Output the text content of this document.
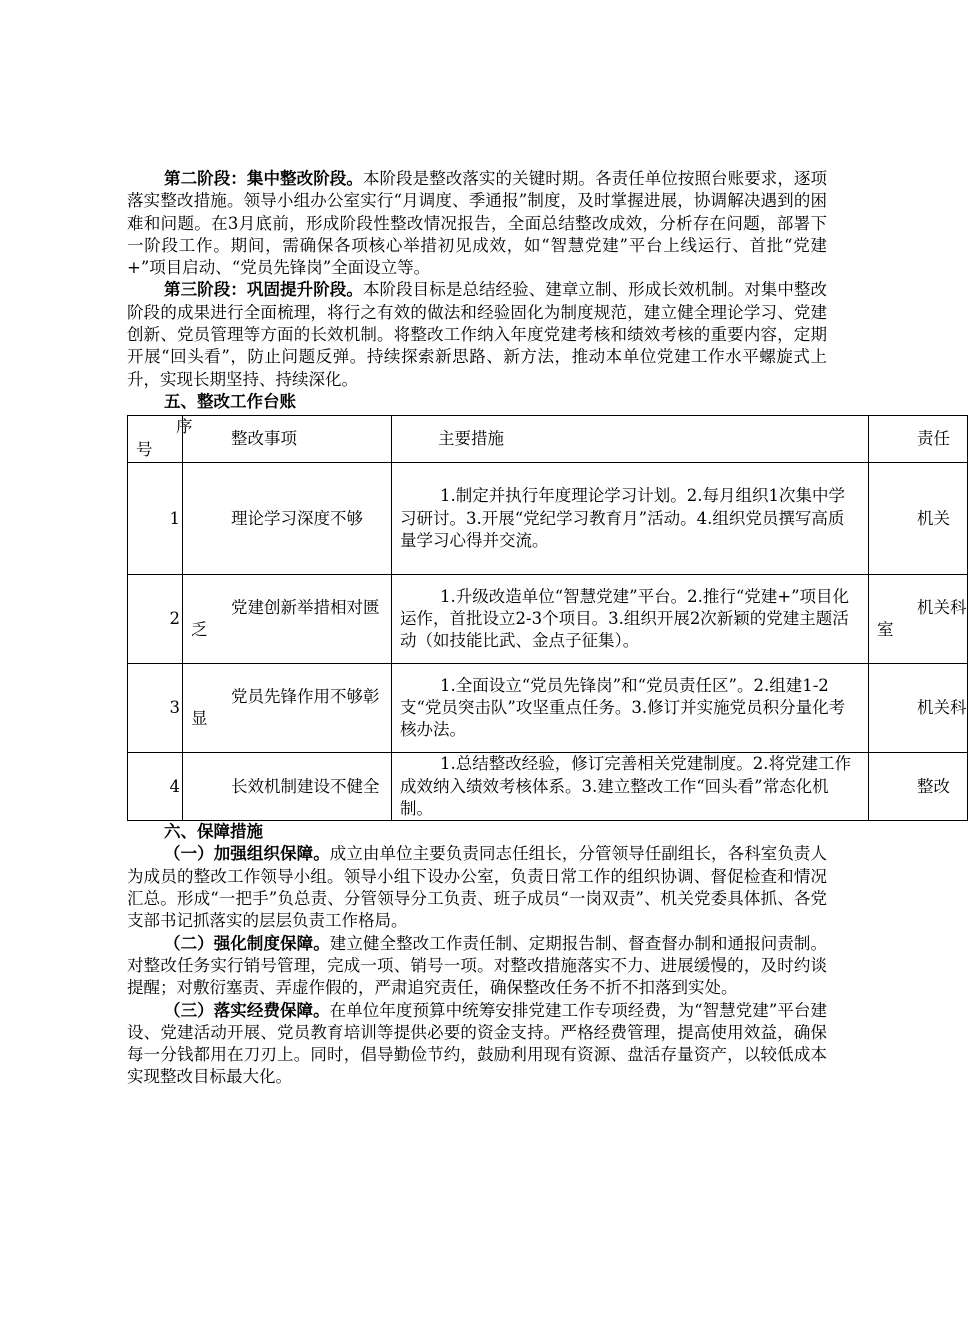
第二阶段：集中整改阶段。本阶段是整改落实的关键时期。各责任单位按照台账要求，逐项落实整改措施。领导小组办公室实行“月调度、季通报”制度，及时掌握进展，协调解决遇到的困难和问题。在3月底前，形成阶段性整改情况报告，全面总结整改成效，分析存在问题，部署下一阶段工作。期间，需确保各项核心举措初见成效，如“智慧党建”平台上线运行、首批“党建+”项目启动、“党员先锋岗”全面设立等。

第三阶段：巩固提升阶段。本阶段目标是总结经验、建章立制、形成长效机制。对集中整改阶段的成果进行全面梳理，将行之有效的做法和经验固化为制度规范，建立健全理论学习、党建创新、党员管理等方面的长效机制。将整改工作纳入年度党建考核和绩效考核的重要内容，定期开展“回头看”，防止问题反弹。持续探索新思路、新方法，推动本单位党建工作水平螺旋式上升，实现长期坚持、持续深化。

五、整改工作台账

序
号	整改事项	主要措施	责任
1	理论学习深度不够	1.制定并执行年度理论学习计划。2.每月组织1次集中学习研讨。3.开展“党纪学习教育月”活动。4.组织党员撰写高质量学习心得并交流。	机关
2	党建创新举措相对匮乏	1.升级改造单位“智慧党建”平台。2.推行“党建+”项目化运作，首批设立2-3个项目。3.组织开展2次新颖的党建主题活动（如技能比武、金点子征集）。	机关科室
3	党员先锋作用不够彰显	1.全面设立“党员先锋岗”和“党员责任区”。2.组建1-2支“党员突击队”攻坚重点任务。3.修订并实施党员积分量化考核办法。	机关科
4	长效机制建设不健全	1.总结整改经验，修订完善相关党建制度。2.将党建工作成效纳入绩效考核体系。3.建立整改工作“回头看”常态化机制。	整改

六、保障措施

（一）加强组织保障。成立由单位主要负责同志任组长，分管领导任副组长，各科室负责人为成员的整改工作领导小组。领导小组下设办公室，负责日常工作的组织协调、督促检查和情况汇总。形成“一把手”负总责、分管领导分工负责、班子成员“一岗双责”、机关党委具体抓、各党支部书记抓落实的层层负责工作格局。

（二）强化制度保障。建立健全整改工作责任制、定期报告制、督查督办制和通报问责制。对整改任务实行销号管理，完成一项、销号一项。对整改措施落实不力、进展缓慢的，及时约谈提醒；对敷衍塞责、弄虚作假的，严肃追究责任，确保整改任务不折不扣落到实处。

（三）落实经费保障。在单位年度预算中统筹安排党建工作专项经费，为“智慧党建”平台建设、党建活动开展、党员教育培训等提供必要的资金支持。严格经费管理，提高使用效益，确保每一分钱都用在刀刃上。同时，倡导勤俭节约，鼓励利用现有资源、盘活存量资产，以较低成本实现整改目标最大化。
